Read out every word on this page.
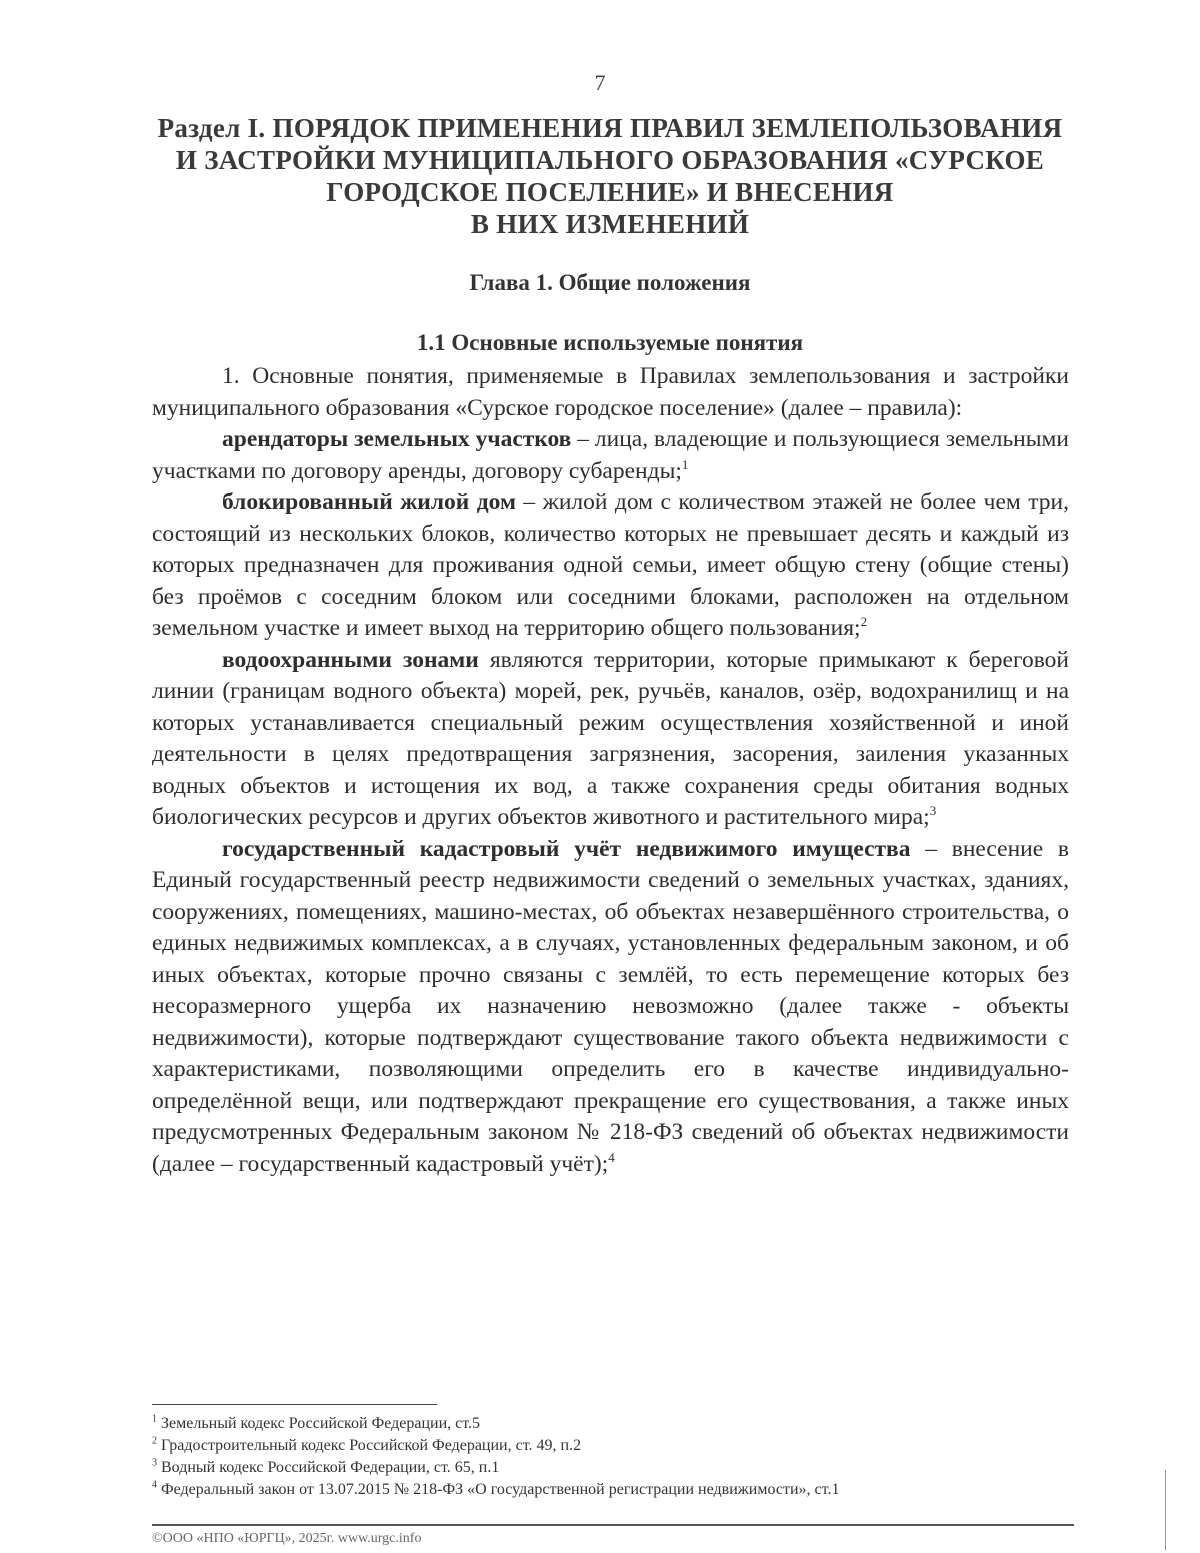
7
Раздел I. ПОРЯДОК ПРИМЕНЕНИЯ ПРАВИЛ ЗЕМЛЕПОЛЬЗОВАНИЯ
И ЗАСТРОЙКИ МУНИЦИПАЛЬНОГО ОБРАЗОВАНИЯ «СУРСКОЕ
ГОРОДСКОЕ ПОСЕЛЕНИЕ» И ВНЕСЕНИЯ
В НИХ ИЗМЕНЕНИЙ
Глава 1. Общие положения
1.1 Основные используемые понятия

1. Основные понятия, применяемые в Правилах землепользования и застройки муниципального образования «Сурское городское поселение» (далее – правила):

арендаторы земельных участков – лица, владеющие и пользующиеся земельными участками по договору аренды, договору субаренды;$^1$

блокированный жилой дом – жилой дом с количеством этажей не более чем три, состоящий из нескольких блоков, количество которых не превышает десять и каждый из которых предназначен для проживания одной семьи, имеет общую стену (общие стены) без проёмов с соседним блоком или соседними блоками, расположен на отдельном земельном участке и имеет выход на территорию общего пользования;$^2$

водоохранными зонами являются территории, которые примыкают к береговой линии (границам водного объекта) морей, рек, ручьёв, каналов, озёр, водохранилищ и на которых устанавливается специальный режим осуществления хозяйственной и иной деятельности в целях предотвращения загрязнения, засорения, заиления указанных водных объектов и истощения их вод, а также сохранения среды обитания водных биологических ресурсов и других объектов животного и растительного мира;$^3$

государственный кадастровый учёт недвижимого имущества – внесение в Единый государственный реестр недвижимости сведений о земельных участках, зданиях, сооружениях, помещениях, машино-местах, об объектах незавершённого строительства, о единых недвижимых комплексах, а в случаях, установленных федеральным законом, и об иных объектах, которые прочно связаны с землёй, то есть перемещение которых без несоразмерного ущерба их назначению невозможно (далее также - объекты недвижимости), которые подтверждают существование такого объекта недвижимости с характеристиками, позволяющими определить его в качестве индивидуально-определённой вещи, или подтверждают прекращение его существования, а также иных предусмотренных Федеральным законом № 218-ФЗ сведений об объектах недвижимости (далее – государственный кадастровый учёт);$^4$

$^1$ Земельный кодекс Российской Федерации, ст.5
$^2$ Градостроительный кодекс Российской Федерации, ст. 49, п.2
$^3$ Водный кодекс Российской Федерации, ст. 65, п.1
$^4$ Федеральный закон от 13.07.2015 № 218-ФЗ «О государственной регистрации недвижимости», ст.1
©ООО «НПО «ЮРГЦ», 2025г. www.urgc.info
